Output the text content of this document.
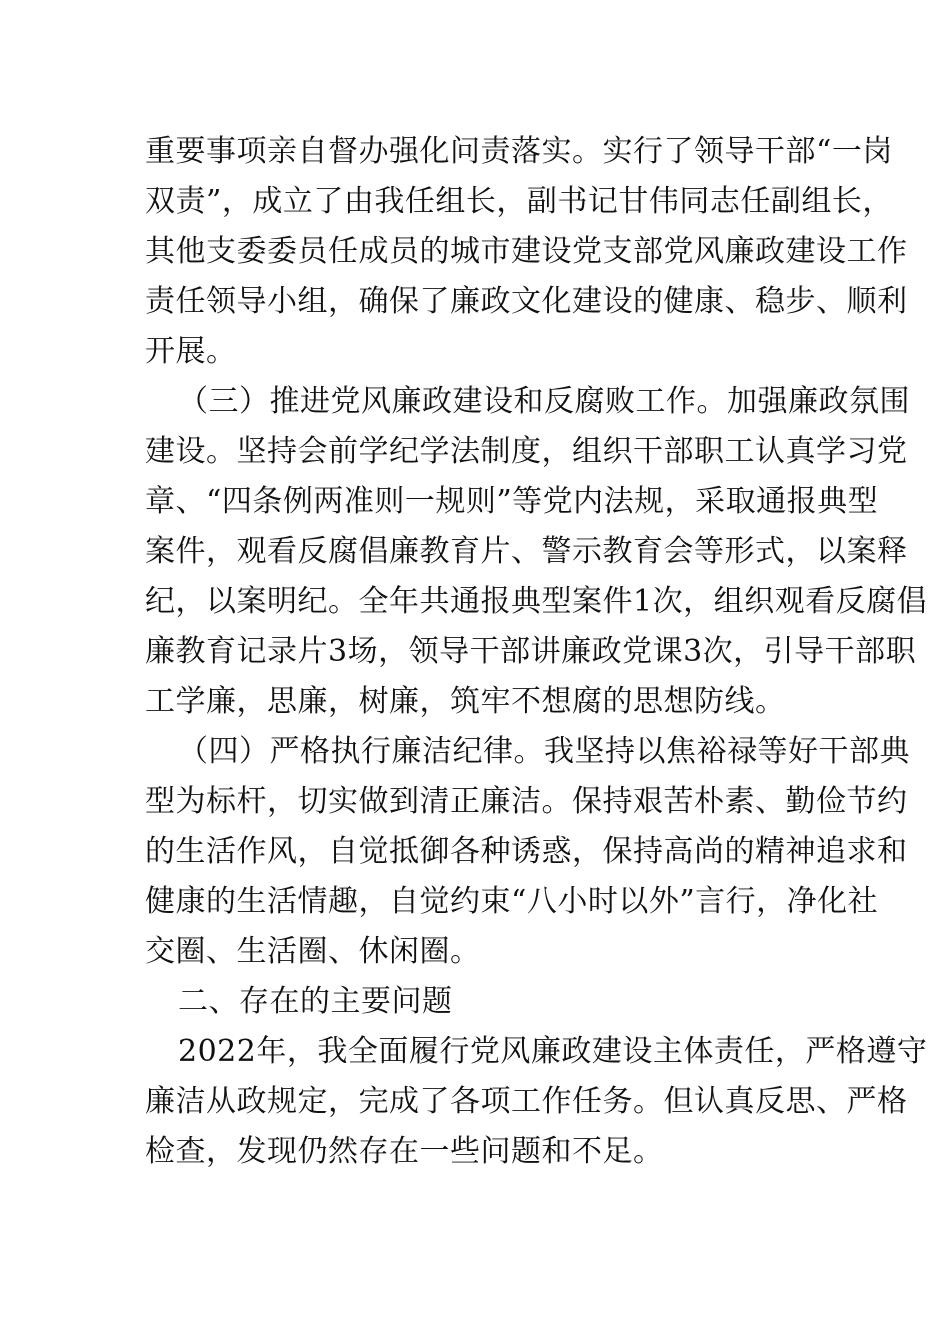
重要事项亲自督办强化问责落实。实行了领导干部“一岗
双责”，成立了由我任组长，副书记甘伟同志任副组长，
其他支委委员任成员的城市建设党支部党风廉政建设工作
责任领导小组，确保了廉政文化建设的健康、稳步、顺利
开展。
（三）推进党风廉政建设和反腐败工作。加强廉政氛围
建设。坚持会前学纪学法制度，组织干部职工认真学习党
章、“四条例两准则一规则”等党内法规，采取通报典型
案件，观看反腐倡廉教育片、警示教育会等形式，以案释
纪，以案明纪。全年共通报典型案件1次，组织观看反腐倡
廉教育记录片3场，领导干部讲廉政党课3次，引导干部职
工学廉，思廉，树廉，筑牢不想腐的思想防线。
（四）严格执行廉洁纪律。我坚持以焦裕禄等好干部典
型为标杆，切实做到清正廉洁。保持艰苦朴素、勤俭节约
的生活作风，自觉抵御各种诱惑，保持高尚的精神追求和
健康的生活情趣，自觉约束“八小时以外”言行，净化社
交圈、生活圈、休闲圈。
二、存在的主要问题
2022年，我全面履行党风廉政建设主体责任，严格遵守
廉洁从政规定，完成了各项工作任务。但认真反思、严格
检查，发现仍然存在一些问题和不足。
